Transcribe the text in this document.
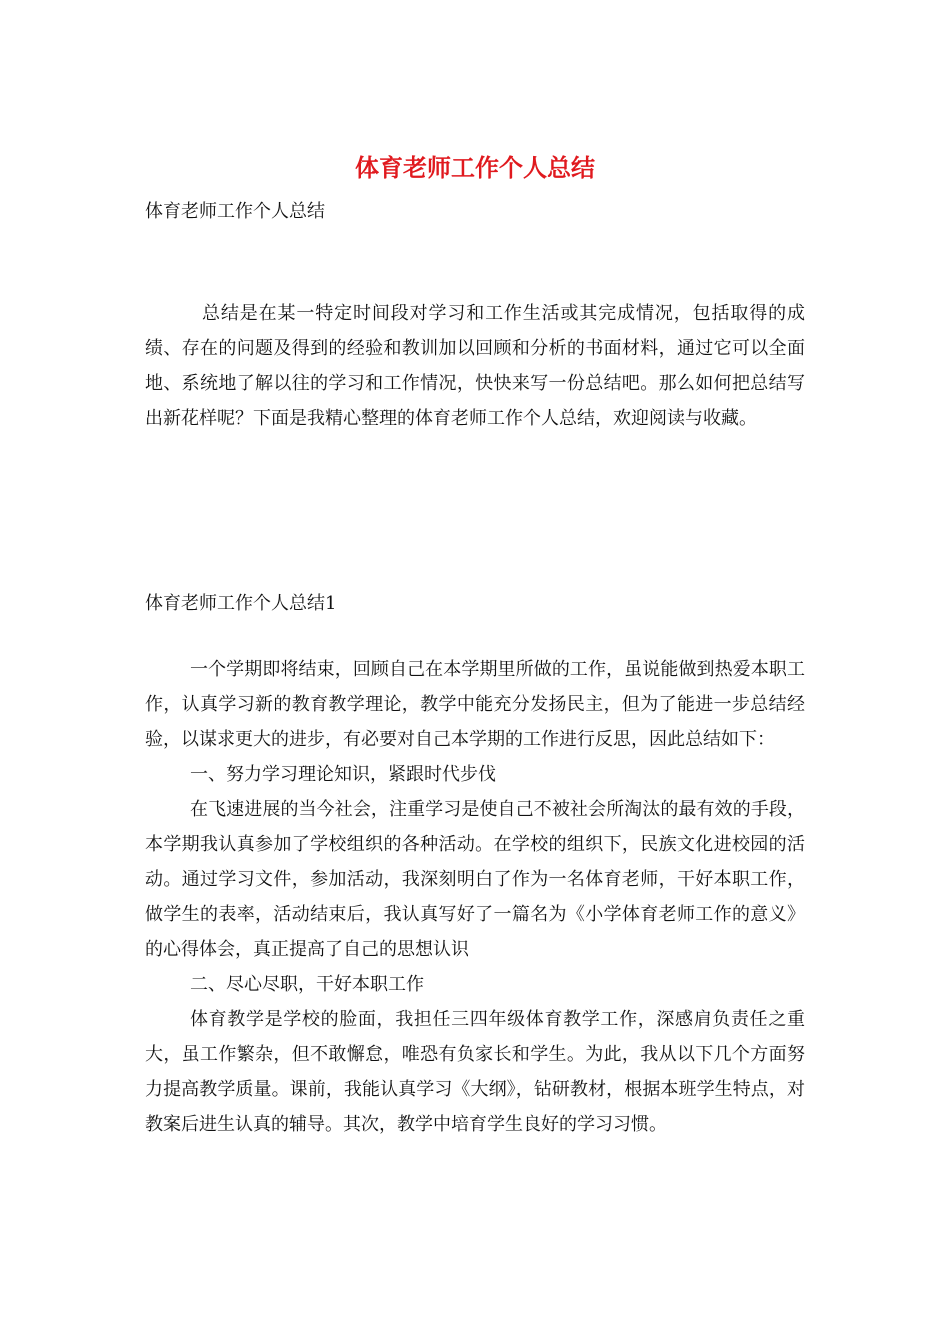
体育老师工作个人总结
体育老师工作个人总结
总结是在某一特定时间段对学习和工作生活或其完成情况，包括取得的成绩、存在的问题及得到的经验和教训加以回顾和分析的书面材料，通过它可以全面地、系统地了解以往的学习和工作情况，快快来写一份总结吧。那么如何把总结写出新花样呢？下面是我精心整理的体育老师工作个人总结，欢迎阅读与收藏。
体育老师工作个人总结1

一个学期即将结束，回顾自己在本学期里所做的工作，虽说能做到热爱本职工作，认真学习新的教育教学理论，教学中能充分发扬民主，但为了能进一步总结经验，以谋求更大的进步，有必要对自己本学期的工作进行反思，因此总结如下：

一、努力学习理论知识，紧跟时代步伐

在飞速进展的当今社会，注重学习是使自己不被社会所淘汰的最有效的手段，本学期我认真参加了学校组织的各种活动。在学校的组织下，民族文化进校园的活动。通过学习文件，参加活动，我深刻明白了作为一名体育老师，干好本职工作，做学生的表率，活动结束后，我认真写好了一篇名为《小学体育老师工作的意义》的心得体会，真正提高了自己的思想认识

二、尽心尽职，干好本职工作

体育教学是学校的脸面，我担任三四年级体育教学工作，深感肩负责任之重大，虽工作繁杂，但不敢懈怠，唯恐有负家长和学生。为此，我从以下几个方面努力提高教学质量。课前，我能认真学习《大纲》，钻研教材，根据本班学生特点，对教案后进生认真的辅导。其次，教学中培育学生良好的学习习惯。
